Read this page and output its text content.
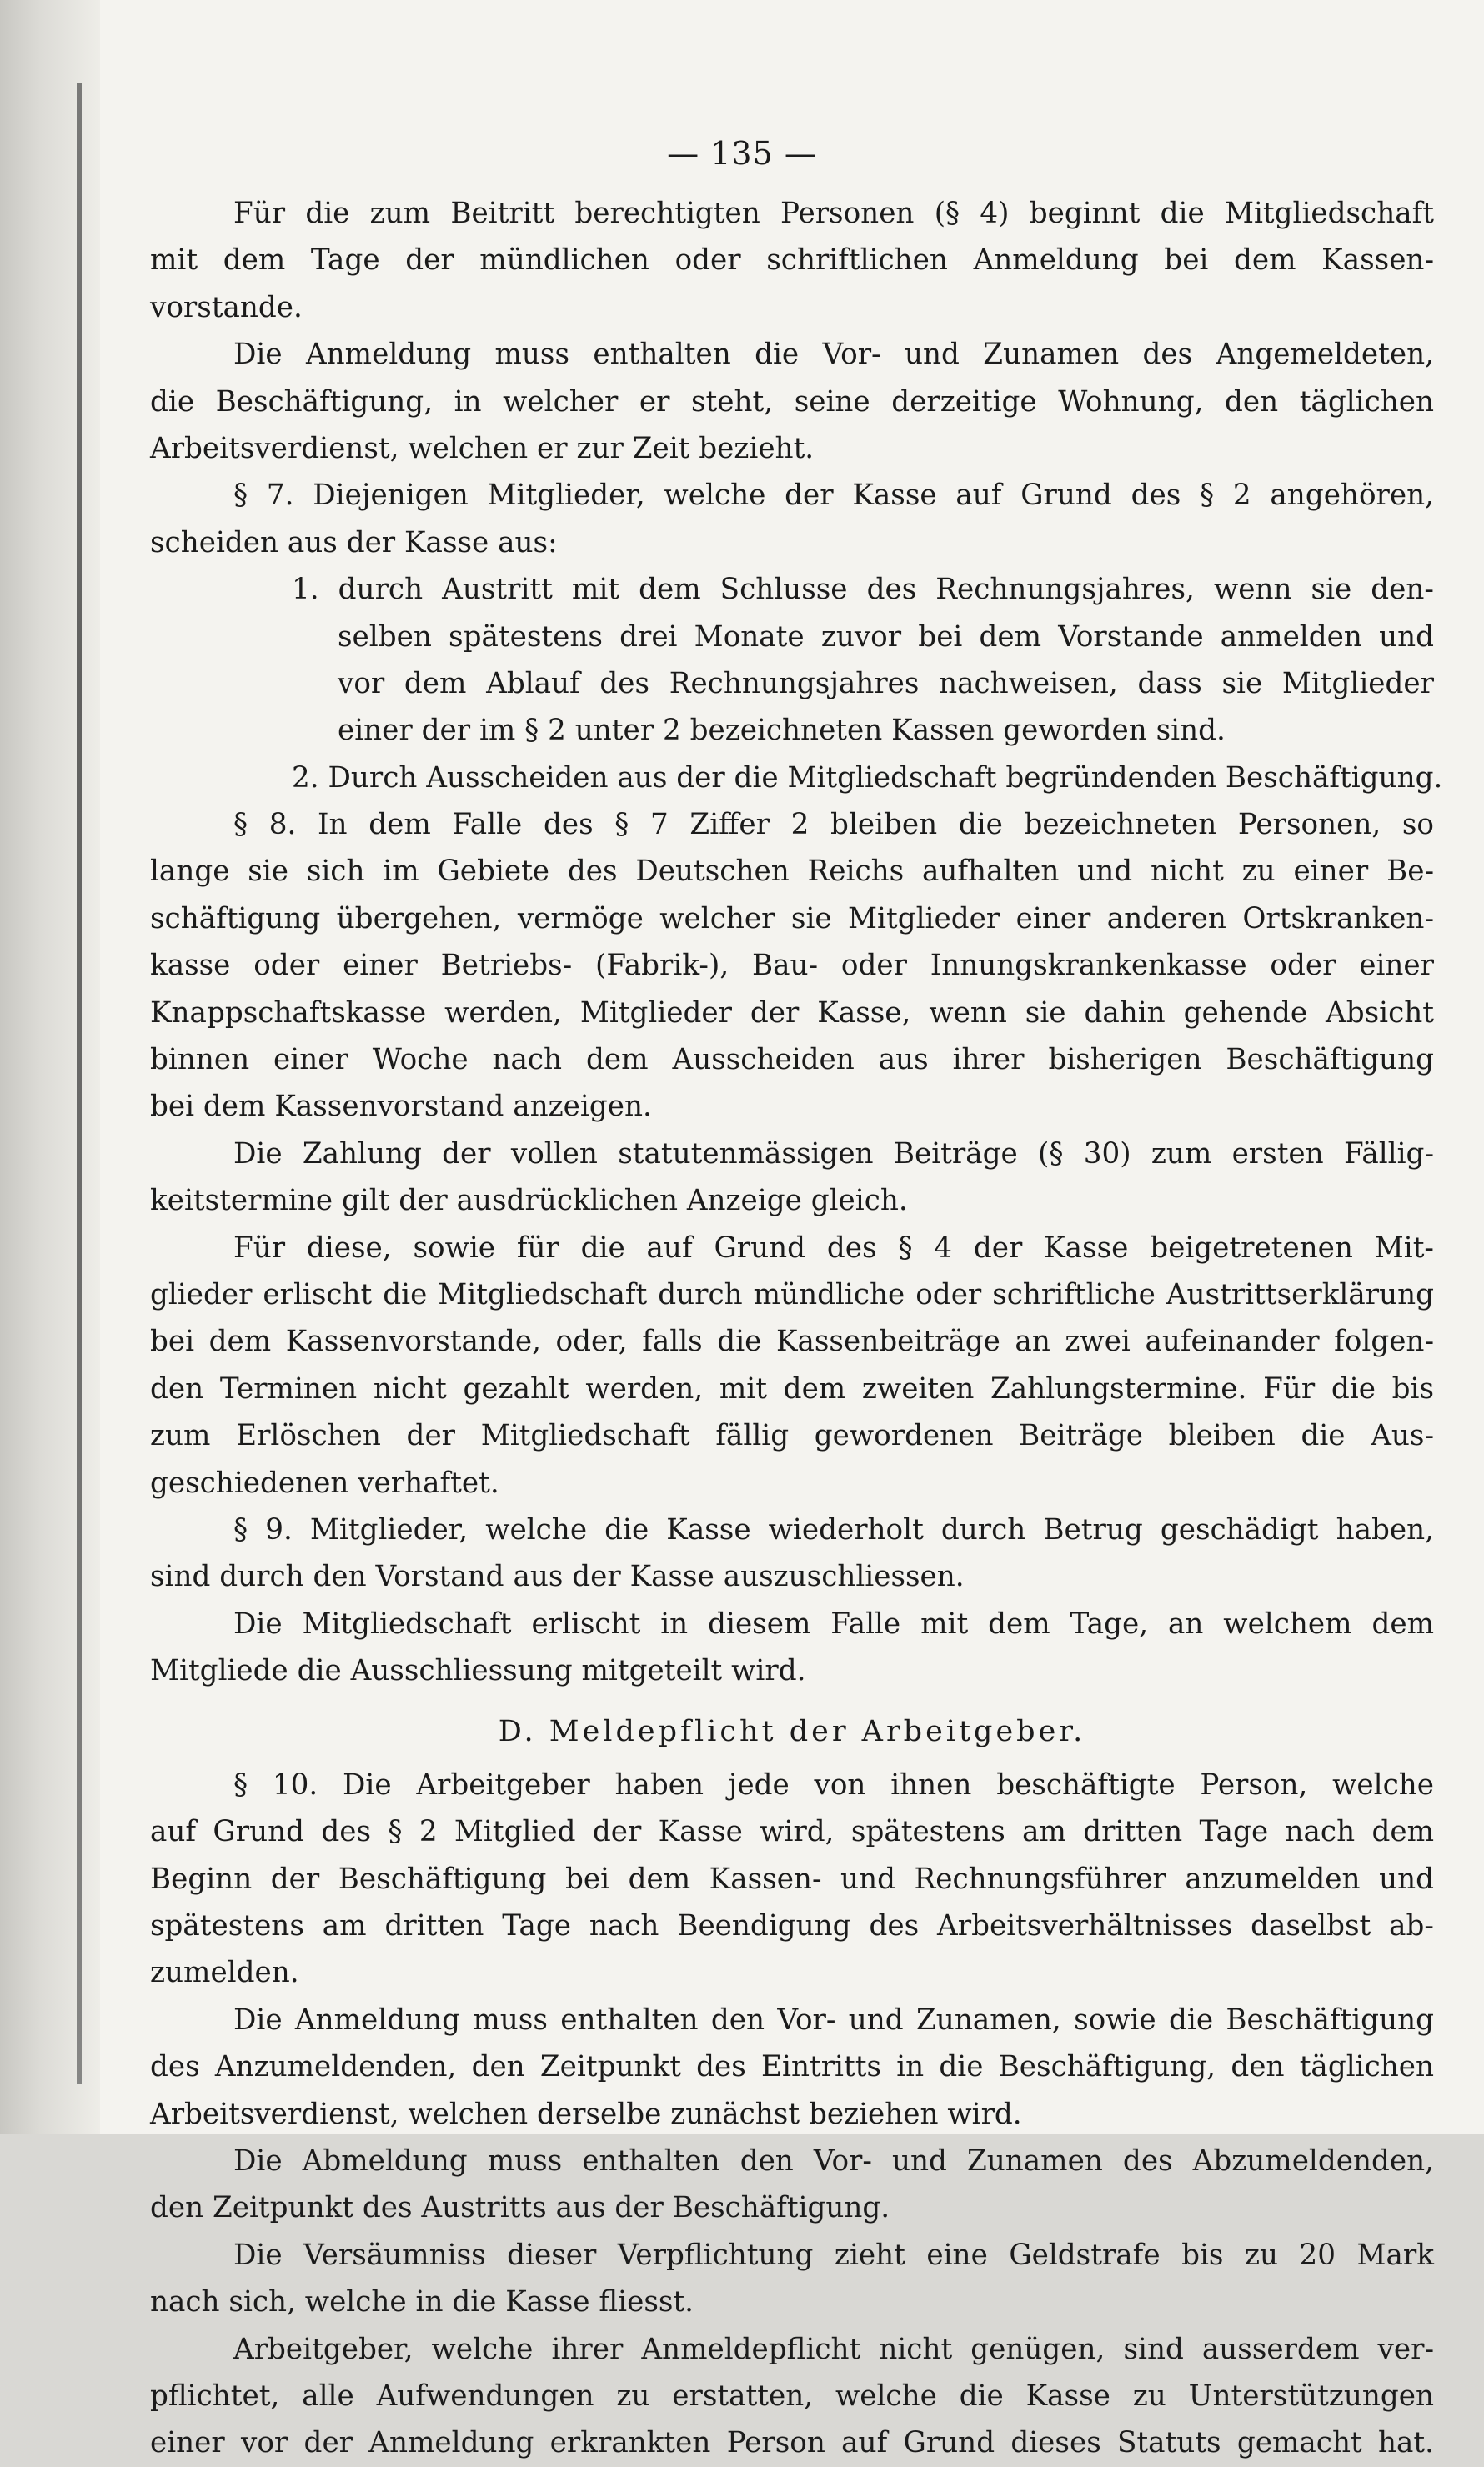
— 135 —
Für die zum Beitritt berechtigten Personen (§ 4) beginnt die Mitgliedschaft
mit dem Tage der mündlichen oder schriftlichen Anmeldung bei dem Kassen-
vorstande.
Die Anmeldung muss enthalten die Vor- und Zunamen des Angemeldeten,
die Beschäftigung, in welcher er steht, seine derzeitige Wohnung, den täglichen
Arbeitsverdienst, welchen er zur Zeit bezieht.
§ 7. Diejenigen Mitglieder, welche der Kasse auf Grund des § 2 angehören,
scheiden aus der Kasse aus:
1. durch Austritt mit dem Schlusse des Rechnungsjahres, wenn sie den-
selben spätestens drei Monate zuvor bei dem Vorstande anmelden und
vor dem Ablauf des Rechnungsjahres nachweisen, dass sie Mitglieder
einer der im § 2 unter 2 bezeichneten Kassen geworden sind.
2. Durch Ausscheiden aus der die Mitgliedschaft begründenden Beschäftigung.
§ 8. In dem Falle des § 7 Ziffer 2 bleiben die bezeichneten Personen, so
lange sie sich im Gebiete des Deutschen Reichs aufhalten und nicht zu einer Be-
schäftigung übergehen, vermöge welcher sie Mitglieder einer anderen Ortskranken-
kasse oder einer Betriebs- (Fabrik-), Bau- oder Innungskrankenkasse oder einer
Knappschaftskasse werden, Mitglieder der Kasse, wenn sie dahin gehende Absicht
binnen einer Woche nach dem Ausscheiden aus ihrer bisherigen Beschäftigung
bei dem Kassenvorstand anzeigen.
Die Zahlung der vollen statutenmässigen Beiträge (§ 30) zum ersten Fällig-
keitstermine gilt der ausdrücklichen Anzeige gleich.
Für diese, sowie für die auf Grund des § 4 der Kasse beigetretenen Mit-
glieder erlischt die Mitgliedschaft durch mündliche oder schriftliche Austrittserklärung
bei dem Kassenvorstande, oder, falls die Kassenbeiträge an zwei aufeinander folgen-
den Terminen nicht gezahlt werden, mit dem zweiten Zahlungstermine. Für die bis
zum Erlöschen der Mitgliedschaft fällig gewordenen Beiträge bleiben die Aus-
geschiedenen verhaftet.
§ 9. Mitglieder, welche die Kasse wiederholt durch Betrug geschädigt haben,
sind durch den Vorstand aus der Kasse auszuschliessen.
Die Mitgliedschaft erlischt in diesem Falle mit dem Tage, an welchem dem
Mitgliede die Ausschliessung mitgeteilt wird.
D. Meldepflicht der Arbeitgeber.
§ 10. Die Arbeitgeber haben jede von ihnen beschäftigte Person, welche
auf Grund des § 2 Mitglied der Kasse wird, spätestens am dritten Tage nach dem
Beginn der Beschäftigung bei dem Kassen- und Rechnungsführer anzumelden und
spätestens am dritten Tage nach Beendigung des Arbeitsverhältnisses daselbst ab-
zumelden.
Die Anmeldung muss enthalten den Vor- und Zunamen, sowie die Beschäftigung
des Anzumeldenden, den Zeitpunkt des Eintritts in die Beschäftigung, den täglichen
Arbeitsverdienst, welchen derselbe zunächst beziehen wird.
Die Abmeldung muss enthalten den Vor- und Zunamen des Abzumeldenden,
den Zeitpunkt des Austritts aus der Beschäftigung.
Die Versäumniss dieser Verpflichtung zieht eine Geldstrafe bis zu 20 Mark
nach sich, welche in die Kasse fliesst.
Arbeitgeber, welche ihrer Anmeldepflicht nicht genügen, sind ausserdem ver-
pflichtet, alle Aufwendungen zu erstatten, welche die Kasse zu Unterstützungen
einer vor der Anmeldung erkrankten Person auf Grund dieses Statuts gemacht hat.
